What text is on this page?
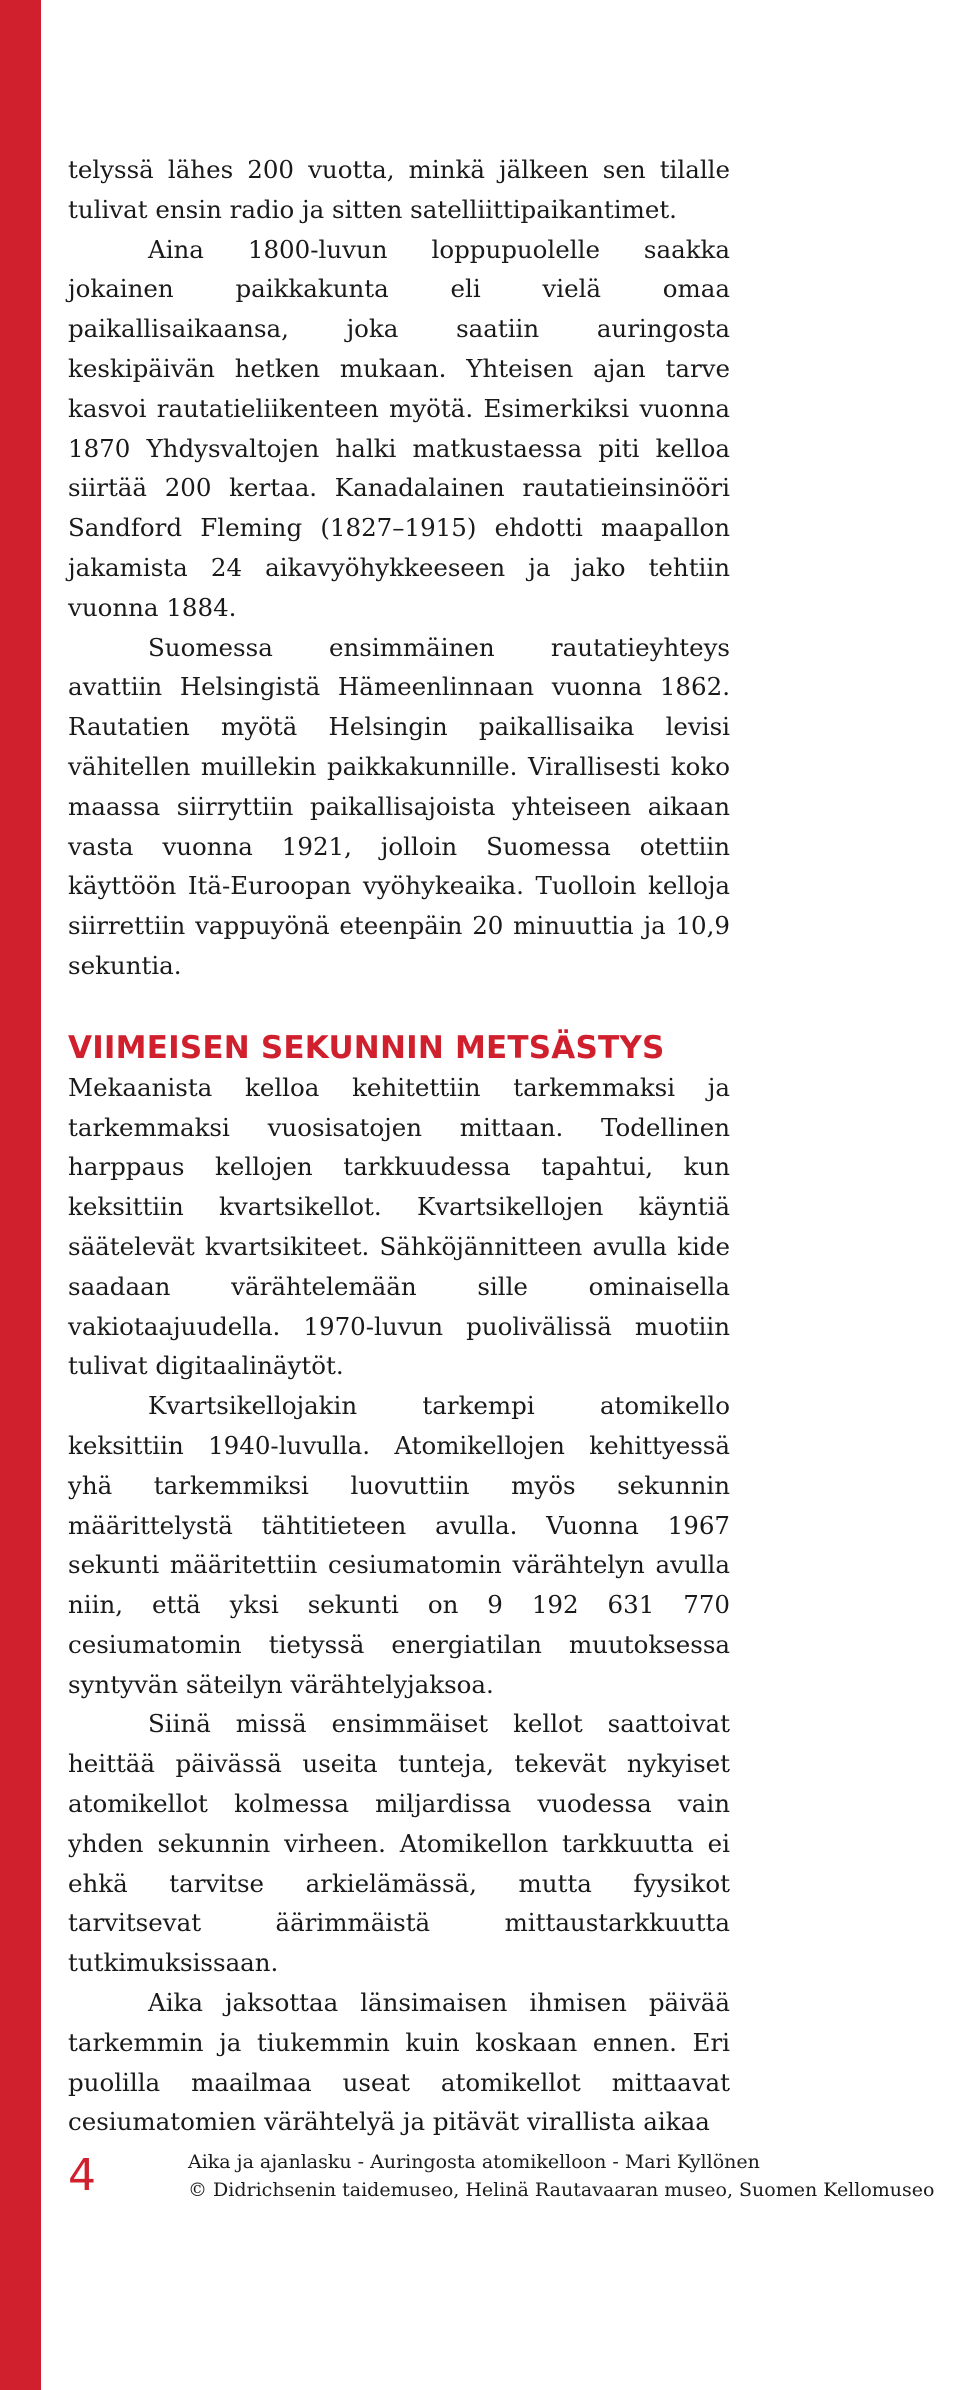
telyssä lähes 200 vuotta, minkä jälkeen sen tilalle tulivat ensin radio ja sitten satelliittipaikantimet.

Aina 1800-luvun loppupuolelle saakka jokainen paikkakunta eli vielä omaa paikallisaikaansa, joka saatiin auringosta keskipäivän hetken mukaan. Yhteisen ajan tarve kasvoi rautatieliikenteen myötä. Esimerkiksi vuonna 1870 Yhdysvaltojen halki matkustaessa piti kelloa siirtää 200 kertaa. Kanadalainen rautatieinsinööri Sandford Fleming (1827–1915) ehdotti maapallon jakamista 24 aikavyöhykkeeseen ja jako tehtiin vuonna 1884.

Suomessa ensimmäinen rautatieyhteys avattiin Helsingistä Hämeenlinnaan vuonna 1862. Rautatien myötä Helsingin paikallisaika levisi vähitellen muillekin paikkakunnille. Virallisesti koko maassa siirryttiin paikallisajoista yhteiseen aikaan vasta vuonna 1921, jolloin Suomessa otettiin käyttöön Itä-Euroopan vyöhykeaika. Tuolloin kelloja siirrettiin vappuyönä eteenpäin 20 minuuttia ja 10,9 sekuntia.

VIIMEISEN SEKUNNIN METSÄSTYS

Mekaanista kelloa kehitettiin tarkemmaksi ja tarkemmaksi vuosisatojen mittaan. Todellinen harppaus kellojen tarkkuudessa tapahtui, kun keksittiin kvartsikellot. Kvartsikellojen käyntiä säätelevät kvartsikiteet. Sähköjännitteen avulla kide saadaan värähtelemään sille ominaisella vakiotaajuudella. 1970-luvun puolivälissä muotiin tulivat digitaalinäytöt.

Kvartsikellojakin tarkempi atomikello keksittiin 1940-luvulla. Atomikellojen kehittyessä yhä tarkemmiksi luovuttiin myös sekunnin määrittelystä tähtitieteen avulla. Vuonna 1967 sekunti määritettiin cesiumatomin värähtelyn avulla niin, että yksi sekunti on 9 192 631 770 cesiumatomin tietyssä energiatilan muutoksessa syntyvän säteilyn värähtelyjaksoa.

Siinä missä ensimmäiset kellot saattoivat heittää päivässä useita tunteja, tekevät nykyiset atomikellot kolmessa miljardissa vuodessa vain yhden sekunnin virheen. Atomikellon tarkkuutta ei ehkä tarvitse arkielämässä, mutta fyysikot tarvitsevat äärimmäistä mittaustarkkuutta tutkimuksissaan.

Aika jaksottaa länsimaisen ihmisen päivää tarkemmin ja tiukemmin kuin koskaan ennen. Eri puolilla maailmaa useat atomikellot mittaavat cesiumatomien värähtelyä ja pitävät virallista aikaa

4	Aika ja ajanlasku - Auringosta atomikelloon - Mari Kyllönen
© Didrichsenin taidemuseo, Helinä Rautavaaran museo, Suomen Kellomuseo
